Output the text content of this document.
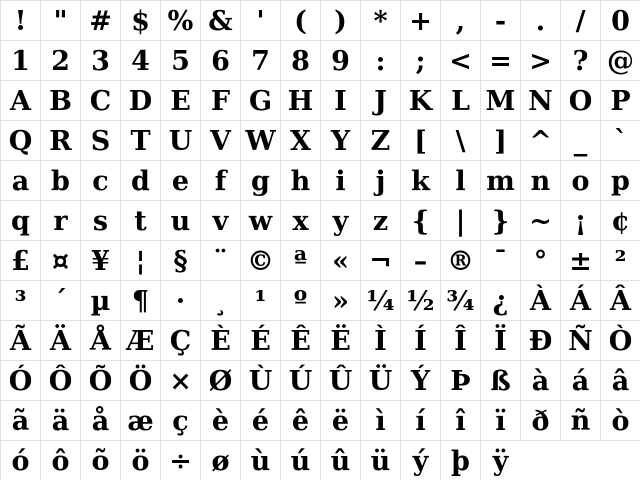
!	" # $ % & '	(	) * + ,	-	.	/ 0
1 2 3 4 5 6 7 8 9 :	; < = > ? @
A B C D E F G H I	J K L M N O P
Q R S T U V W X Y Z [	\	] ^ _ `
a b c d e f g h i	j k l m n o p
q r s t u v w x y z { | } ~ ¡ ¢
£ ¤ ¥ ¦	§ ¨ © ª « ¬ – ® ¯ ° ± ²
³	´ µ ¶ ·	¸	¹	º » ¼ ½ ¾ ¿ À Á Â
Ã Ä Å Æ Ç È É Ê Ë Ì	Í	Î	Ï Ð Ñ Ò
Ó Ô Õ Ö × Ø Ù Ú Û Ü Ý Þ ß à á â
ã ä å æ ç è é ê ë ì	í	î	ï ð ñ ò
ó ô õ ö ÷ ø ù ú û ü ý þ ÿ
